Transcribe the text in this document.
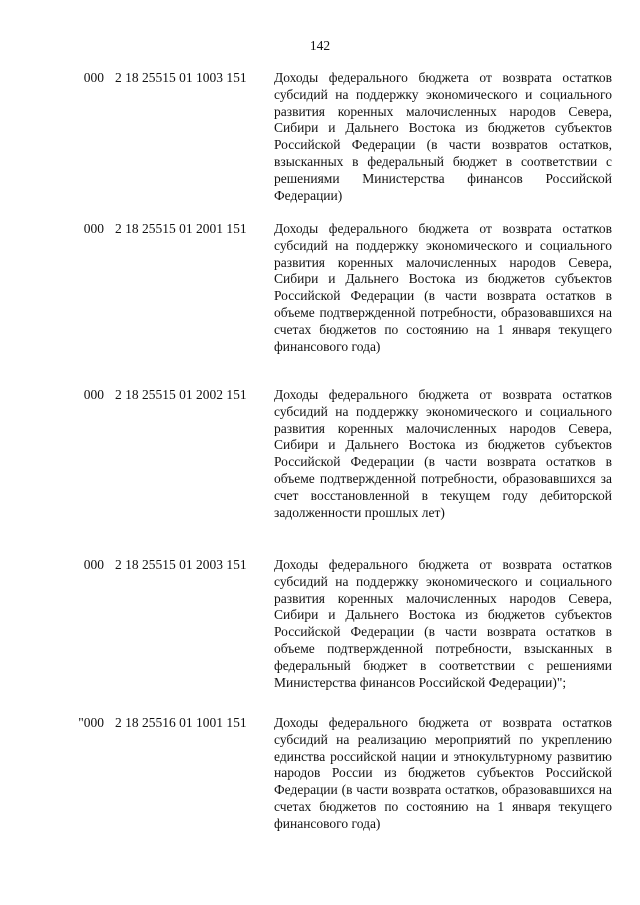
142
000 2 18 25515 01 1003 151	Доходы федерального бюджета от возврата остатков субсидий на поддержку экономического и социального развития коренных малочисленных народов Севера, Сибири и Дальнего Востока из бюджетов субъектов Российской Федерации (в части возвратов остатков, взысканных в федеральный бюджет в соответствии с решениями Министерства финансов Российской Федерации)
000 2 18 25515 01 2001 151	Доходы федерального бюджета от возврата остатков субсидий на поддержку экономического и социального развития коренных малочисленных народов Севера, Сибири и Дальнего Востока из бюджетов субъектов Российской Федерации (в части возврата остатков в объеме подтвержденной потребности, образовавшихся на счетах бюджетов по состоянию на 1 января текущего финансового года)
000 2 18 25515 01 2002 151	Доходы федерального бюджета от возврата остатков субсидий на поддержку экономического и социального развития коренных малочисленных народов Севера, Сибири и Дальнего Востока из бюджетов субъектов Российской Федерации (в части возврата остатков в объеме подтвержденной потребности, образовавшихся за счет восстановленной в текущем году дебиторской задолженности прошлых лет)
000 2 18 25515 01 2003 151	Доходы федерального бюджета от возврата остатков субсидий на поддержку экономического и социального развития коренных малочисленных народов Севера, Сибири и Дальнего Востока из бюджетов субъектов Российской Федерации (в части возврата остатков в объеме подтвержденной потребности, взысканных в федеральный бюджет в соответствии с решениями Министерства финансов Российской Федерации)";
"000 2 18 25516 01 1001 151	Доходы федерального бюджета от возврата остатков субсидий на реализацию мероприятий по укреплению единства российской нации и этнокультурному развитию народов России из бюджетов субъектов Российской Федерации (в части возврата остатков, образовавшихся на счетах бюджетов по состоянию на 1 января текущего финансового года)
